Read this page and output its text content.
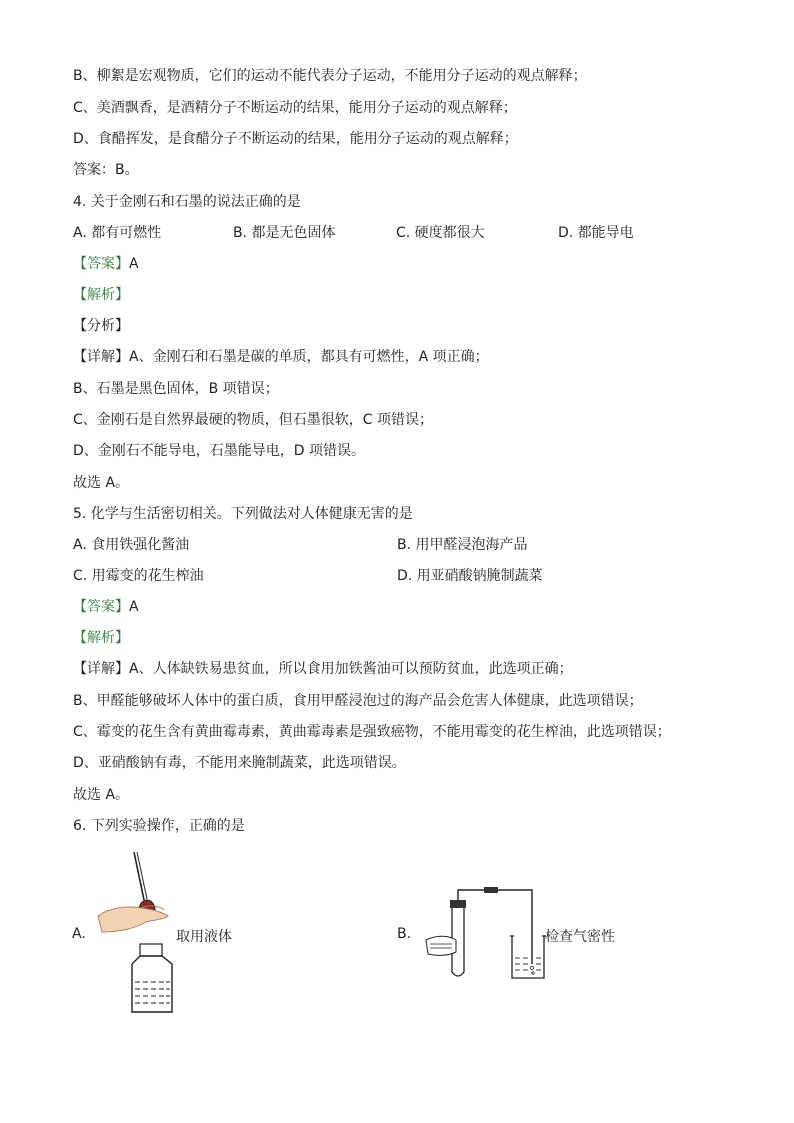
B、柳絮是宏观物质，它们的运动不能代表分子运动，不能用分子运动的观点解释；
C、美酒飘香，是酒精分子不断运动的结果，能用分子运动的观点解释；
D、食醋挥发，是食醋分子不断运动的结果，能用分子运动的观点解释；
答案：B。
4. 关于金刚石和石墨的说法正确的是
A. 都有可燃性	B. 都是无色固体	C. 硬度都很大	D. 都能导电
【答案】A
【解析】
【分析】
【详解】A、金刚石和石墨是碳的单质，都具有可燃性，A 项正确；
B、石墨是黑色固体，B 项错误；
C、金刚石是自然界最硬的物质，但石墨很软，C 项错误；
D、金刚石不能导电，石墨能导电，D 项错误。
故选 A。
5. 化学与生活密切相关。下列做法对人体健康无害的是
A. 食用铁强化酱油	B. 用甲醛浸泡海产品
C. 用霉变的花生榨油	D. 用亚硝酸钠腌制蔬菜
【答案】A
【解析】
【详解】A、人体缺铁易患贫血，所以食用加铁酱油可以预防贫血，此选项正确；
B、甲醛能够破坏人体中的蛋白质，食用甲醛浸泡过的海产品会危害人体健康，此选项错误；
C、霉变的花生含有黄曲霉毒素，黄曲霉毒素是强致癌物，不能用霉变的花生榨油，此选项错误；
D、亚硝酸钠有毒，不能用来腌制蔬菜，此选项错误。
故选 A。
6. 下列实验操作，正确的是
A.	取用液体	B.	检查气密性
